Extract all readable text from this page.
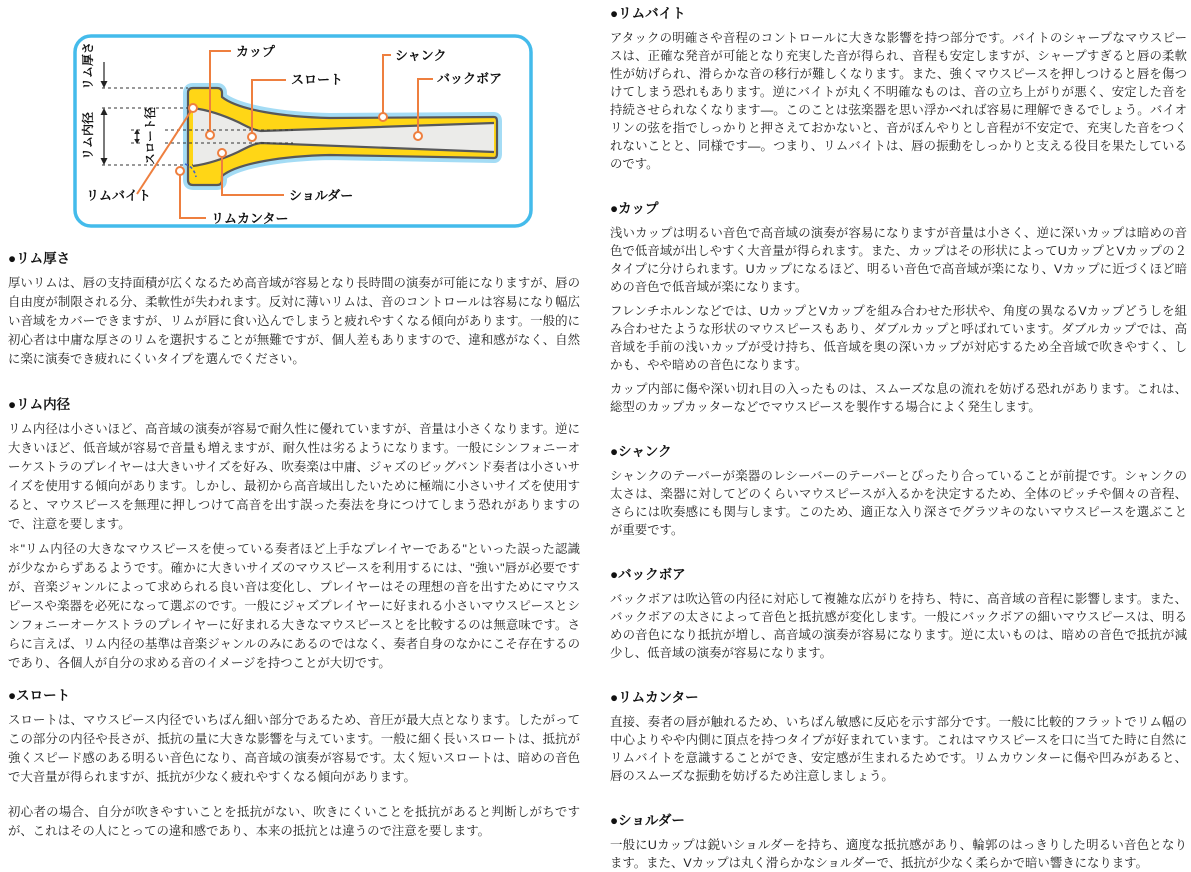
カップ
スロート
シャンク
バックボア
リムバイト	ショルダー
リムカンター
リム厚さ
リム内径	スロート径
●リム厚さ

厚いリムは、唇の支持面積が広くなるため高音域が容易となり長時間の演奏が可能になりますが、唇の自由度が制限される分、柔軟性が失われます。反対に薄いリムは、音のコントロールは容易になり幅広い音域をカバーできますが、リムが唇に食い込んでしまうと疲れやすくなる傾向があります。一般的に初心者は中庸な厚さのリムを選択することが無難ですが、個人差もありますので、違和感がなく、自然に楽に演奏でき疲れにくいタイプを選んでください。

●リム内径

リム内径は小さいほど、高音域の演奏が容易で耐久性に優れていますが、音量は小さくなります。逆に大きいほど、低音域が容易で音量も増えますが、耐久性は劣るようになります。一般にシンフォニーオーケストラのプレイヤーは大きいサイズを好み、吹奏楽は中庸、ジャズのビッグバンド奏者は小さいサイズを使用する傾向があります。しかし、最初から高音域出したいために極端に小さいサイズを使用すると、マウスピースを無理に押しつけて高音を出す誤った奏法を身につけてしまう恐れがありますので、注意を要します。

＊"リム内径の大きなマウスピースを使っている奏者ほど上手なプレイヤーである"といった誤った認識が少なからずあるようです。確かに大きいサイズのマウスピースを利用するには、"強い"唇が必要ですが、音楽ジャンルによって求められる良い音は変化し、プレイヤーはその理想の音を出すためにマウスピースや楽器を必死になって選ぶのです。一般にジャズプレイヤーに好まれる小さいマウスピースとシンフォニーオーケストラのプレイヤーに好まれる大きなマウスピースとを比較するのは無意味です。さらに言えば、リム内径の基準は音楽ジャンルのみにあるのではなく、奏者自身のなかにこそ存在するのであり、各個人が自分の求める音のイメージを持つことが大切です。

●スロート

スロートは、マウスピース内径でいちばん細い部分であるため、音圧が最大点となります。したがってこの部分の内径や長さが、抵抗の量に大きな影響を与えています。一般に細く長いスロートは、抵抗が強くスピード感のある明るい音色になり、高音域の演奏が容易です。太く短いスロートは、暗めの音色で大音量が得られますが、抵抗が少なく疲れやすくなる傾向があります。

初心者の場合、自分が吹きやすいことを抵抗がない、吹きにくいことを抵抗があると判断しがちですが、これはその人にとっての違和感であり、本来の抵抗とは違うので注意を要します。

●リムバイト

アタックの明確さや音程のコントロールに大きな影響を持つ部分です。バイトのシャープなマウスピースは、正確な発音が可能となり充実した音が得られ、音程も安定しますが、シャープすぎると唇の柔軟性が妨げられ、滑らかな音の移行が難しくなります。また、強くマウスピースを押しつけると唇を傷つけてしまう恐れもあります。逆にバイトが丸く不明確なものは、音の立ち上がりが悪く、安定した音を持続させられなくなります―。このことは弦楽器を思い浮かべれば容易に理解できるでしょう。バイオリンの弦を指でしっかりと押さえておかないと、音がぼんやりとし音程が不安定で、充実した音をつくれないことと、同様です―。つまり、リムバイトは、唇の振動をしっかりと支える役目を果たしているのです。

●カップ

浅いカップは明るい音色で高音域の演奏が容易になりますが音量は小さく、逆に深いカップは暗めの音色で低音域が出しやすく大音量が得られます。また、カップはその形状によってUカップとVカップの２タイプに分けられます。Uカップになるほど、明るい音色で高音域が楽になり、Vカップに近づくほど暗めの音色で低音域が楽になります。

フレンチホルンなどでは、UカップとVカップを組み合わせた形状や、角度の異なるVカップどうしを組み合わせたような形状のマウスピースもあり、ダブルカップと呼ばれています。ダブルカップでは、高音域を手前の浅いカップが受け持ち、低音域を奥の深いカップが対応するため全音域で吹きやすく、しかも、やや暗めの音色になります。

カップ内部に傷や深い切れ目の入ったものは、スムーズな息の流れを妨げる恐れがあります。これは、総型のカップカッターなどでマウスピースを製作する場合によく発生します。

●シャンク

シャンクのテーパーが楽器のレシーバーのテーパーとぴったり合っていることが前提です。シャンクの太さは、楽器に対してどのくらいマウスピースが入るかを決定するため、全体のピッチや個々の音程、さらには吹奏感にも関与します。このため、適正な入り深さでグラツキのないマウスピースを選ぶことが重要です。

●バックボア

バックボアは吹込管の内径に対応して複雑な広がりを持ち、特に、高音域の音程に影響します。また、バックボアの太さによって音色と抵抗感が変化します。一般にバックボアの細いマウスピースは、明るめの音色になり抵抗が増し、高音域の演奏が容易になります。逆に太いものは、暗めの音色で抵抗が減少し、低音域の演奏が容易になります。

●リムカンター

直接、奏者の唇が触れるため、いちばん敏感に反応を示す部分です。一般に比較的フラットでリム幅の中心よりやや内側に頂点を持つタイプが好まれています。これはマウスピースを口に当てた時に自然にリムバイトを意識することができ、安定感が生まれるためです。リムカウンターに傷や凹みがあると、唇のスムーズな振動を妨げるため注意しましょう。

●ショルダー

一般にUカップは鋭いショルダーを持ち、適度な抵抗感があり、輪郭のはっきりした明るい音色となります。また、Vカップは丸く滑らかなショルダーで、抵抗が少なく柔らかで暗い響きになります。
